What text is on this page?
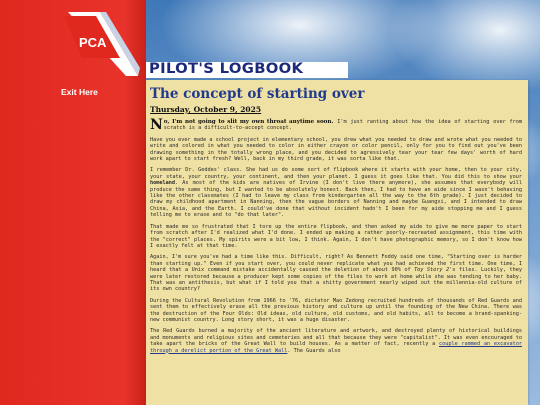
PCA
Exit Here
PILOT'S LOGBOOK
The concept of starting over
Thursday, October 9, 2025

No, I'm not going to slit my own throat anytime soon. I'm just ranting about how the idea of starting over from scratch is a difficult-to-accept concept.

Have you ever made a school project in elementary school, you drew what you needed to draw and wrote what you needed to write and colored in what you needed to color in either crayon or color pencil, only for you to find out you've been drawing something in the totally wrong place, and you decided to agressively tear your tear few days' worth of hard work apart to start fresh? Well, back in my third grade, it was sorta like that.

I remember Dr. Geddes' class. She had us do some sort of flipbook where it starts with your home, then to your city, your state, your country, your continent, and then your planet. I guess it goes like that. You did this to show your homeland. As most of the kids are natives of Irvine (I don't live there anymore), she assumes that everybody will produce the same thing, but I wanted to be absolutely honest. Back then, I had to have an aide since I wasn't behaving like the other classmates (I had to leave my class from kindergarten all the way to the 6th grade). I just decided to draw my childhood apartment in Nanning, then the vague borders of Nanning and maybe Guangxi, and I intended to draw China, Asia, and the Earth. I could've done that without incident hadn't I been for my aide stopping me and I guess telling me to erase and to "do that later".

That made me so frustrated that I tore up the entire flipbook, and then asked my aide to give me more paper to start from scratch after I'd realized what I'd done. I ended up making a rather poorly-recreated assignment, this time with the "correct" places. My spirits were a bit low, I think. Again, I don't have photographic memory, so I don't know how I exactly felt at that time.

Again, I'm sure you've had a time like this. Difficult, right? As Bennett Foddy said one time, "Starting over is harder than starting up." Even if you start over, you could never replicate what you had achieved the first time. One time, I heard that a Unix command mistake accidentally caused the deletion of about 90% of Toy Story 2's files. Luckily, they were later restored because a producer kept some copies of the files to work at home while she was tending to her baby. That was an antithesis, but what if I told you that a shitty government nearly wiped out the millennia-old culture of its own country?

During the Cultural Revolution from 1966 to '76, dictator Mao Zedong recruited hundreds of thousands of Red Guards and sent them to effectively erase all the previous history and culture up until the founding of the New China. There was the destruction of the Four Olds: Old ideas, old culture, old customs, and old habits, all to become a brand-spanking-new communist country. Long story short, it was a huge disaster.

The Red Guards burned a majority of the ancient literature and artwork, and destroyed plenty of historical buildings and monuments and religious sites and cemeteries and all that because they were "capitalist". It was even encouraged to take apart the bricks of the Great Wall to build houses. As a matter of fact, recently a couple rammed an excavator through a derelict portion of the Great Wall. The Guards also
